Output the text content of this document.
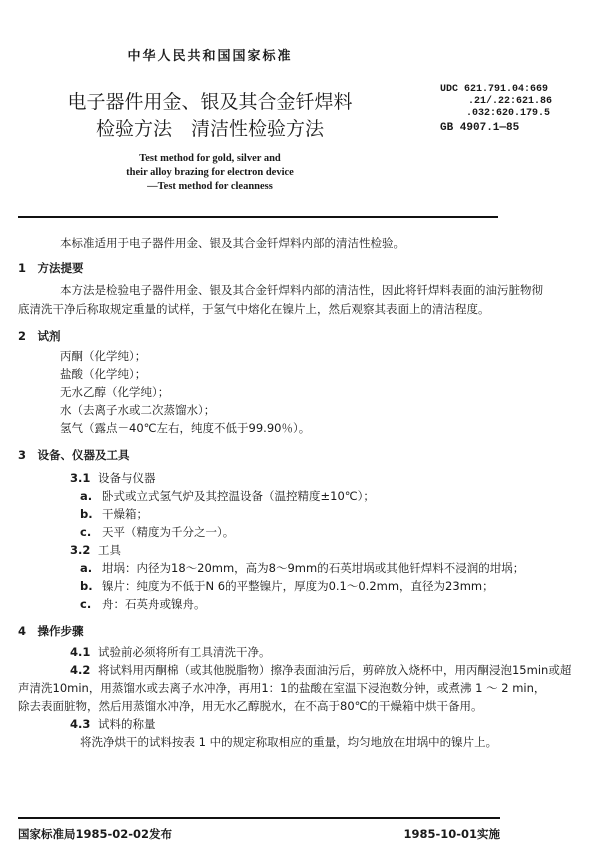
中华人民共和国国家标准
电子器件用金、银及其合金钎焊料
检验方法　清洁性检验方法
Test method for gold, silver and
their alloy brazing for electron device
—Test method for cleanness
UDC 621.791.04:669
.21/.22:621.86
.032:620.179.5
GB 4907.1—85
本标准适用于电子器件用金、银及其合金钎焊料内部的清洁性检验。
1　方法提要
本方法是检验电子器件用金、银及其合金钎焊料内部的清洁性，因此将钎焊料表面的油污脏物彻
底清洗干净后称取规定重量的试样，于氢气中熔化在镍片上，然后观察其表面上的清洁程度。
2　试剂
丙酮（化学纯）；
盐酸（化学纯）；
无水乙醇（化学纯）；
水（去离子水或二次蒸馏水）；
氢气（露点－40℃左右，纯度不低于99.90％）。
3　设备、仪器及工具
3.1 设备与仪器
a. 卧式或立式氢气炉及其控温设备（温控精度±10℃）；
b. 干燥箱；
c. 天平（精度为千分之一）。
3.2 工具
a. 坩埚：内径为18～20mm，高为8～9mm的石英坩埚或其他钎焊料不浸润的坩埚；
b. 镍片：纯度为不低于N 6的平整镍片，厚度为0.1～0.2mm，直径为23mm；
c. 舟：石英舟或镍舟。
4　操作步骤
4.1 试验前必须将所有工具清洗干净。
4.2 将试料用丙酮棉（或其他脱脂物）擦净表面油污后，剪碎放入烧杯中，用丙酮浸泡15min或超
声清洗10min，用蒸馏水或去离子水冲净，再用1：1的盐酸在室温下浸泡数分钟，或煮沸 1 ～ 2 min，
除去表面脏物，然后用蒸馏水冲净，用无水乙醇脱水，在不高于80℃的干燥箱中烘干备用。
4.3 试料的称量
将洗净烘干的试料按表 1 中的规定称取相应的重量，均匀地放在坩埚中的镍片上。
国家标准局1985-02-02发布	1985-10-01实施
